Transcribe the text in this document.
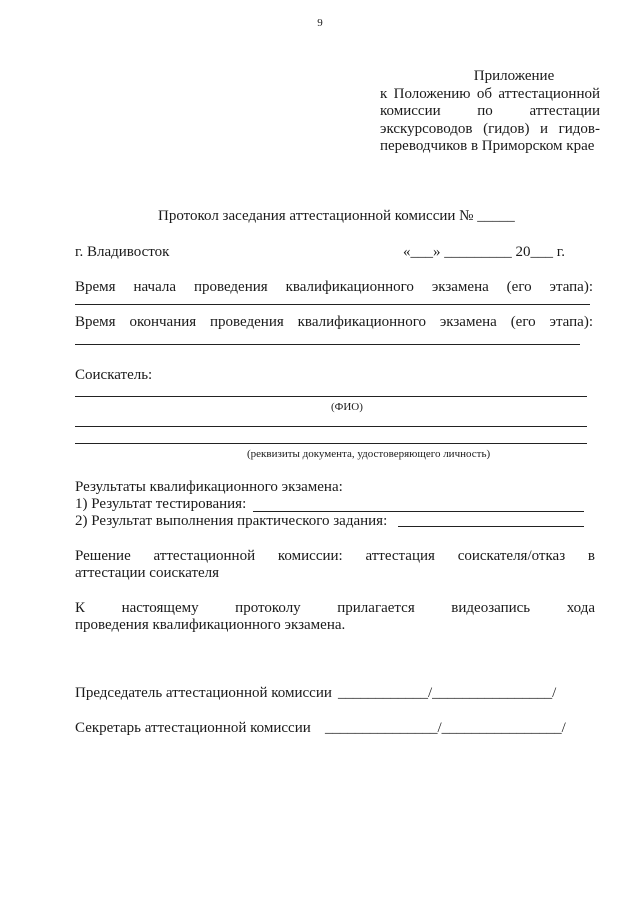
9
Приложение
к Положению об аттестационной комиссии по аттестации экскурсоводов (гидов) и гидов-переводчиков в Приморском крае
Протокол заседания аттестационной комиссии № _____
г. Владивосток	«___» _________ 20___ г.
Время начала проведения квалификационного экзамена (его этапа):
Время окончания проведения квалификационного экзамена (его этапа):
Соискатель:
(ФИО)
(реквизиты документа, удостоверяющего личность)
Результаты квалификационного экзамена:
1) Результат тестирования:
2) Результат выполнения практического задания:
Решение аттестационной комиссии: аттестация соискателя/отказ в
аттестации соискателя
К настоящему протоколу прилагается видеозапись хода
проведения квалификационного экзамена.
Председатель аттестационной комиссии ____________/________________/
Секретарь аттестационной комиссии _______________/________________/
